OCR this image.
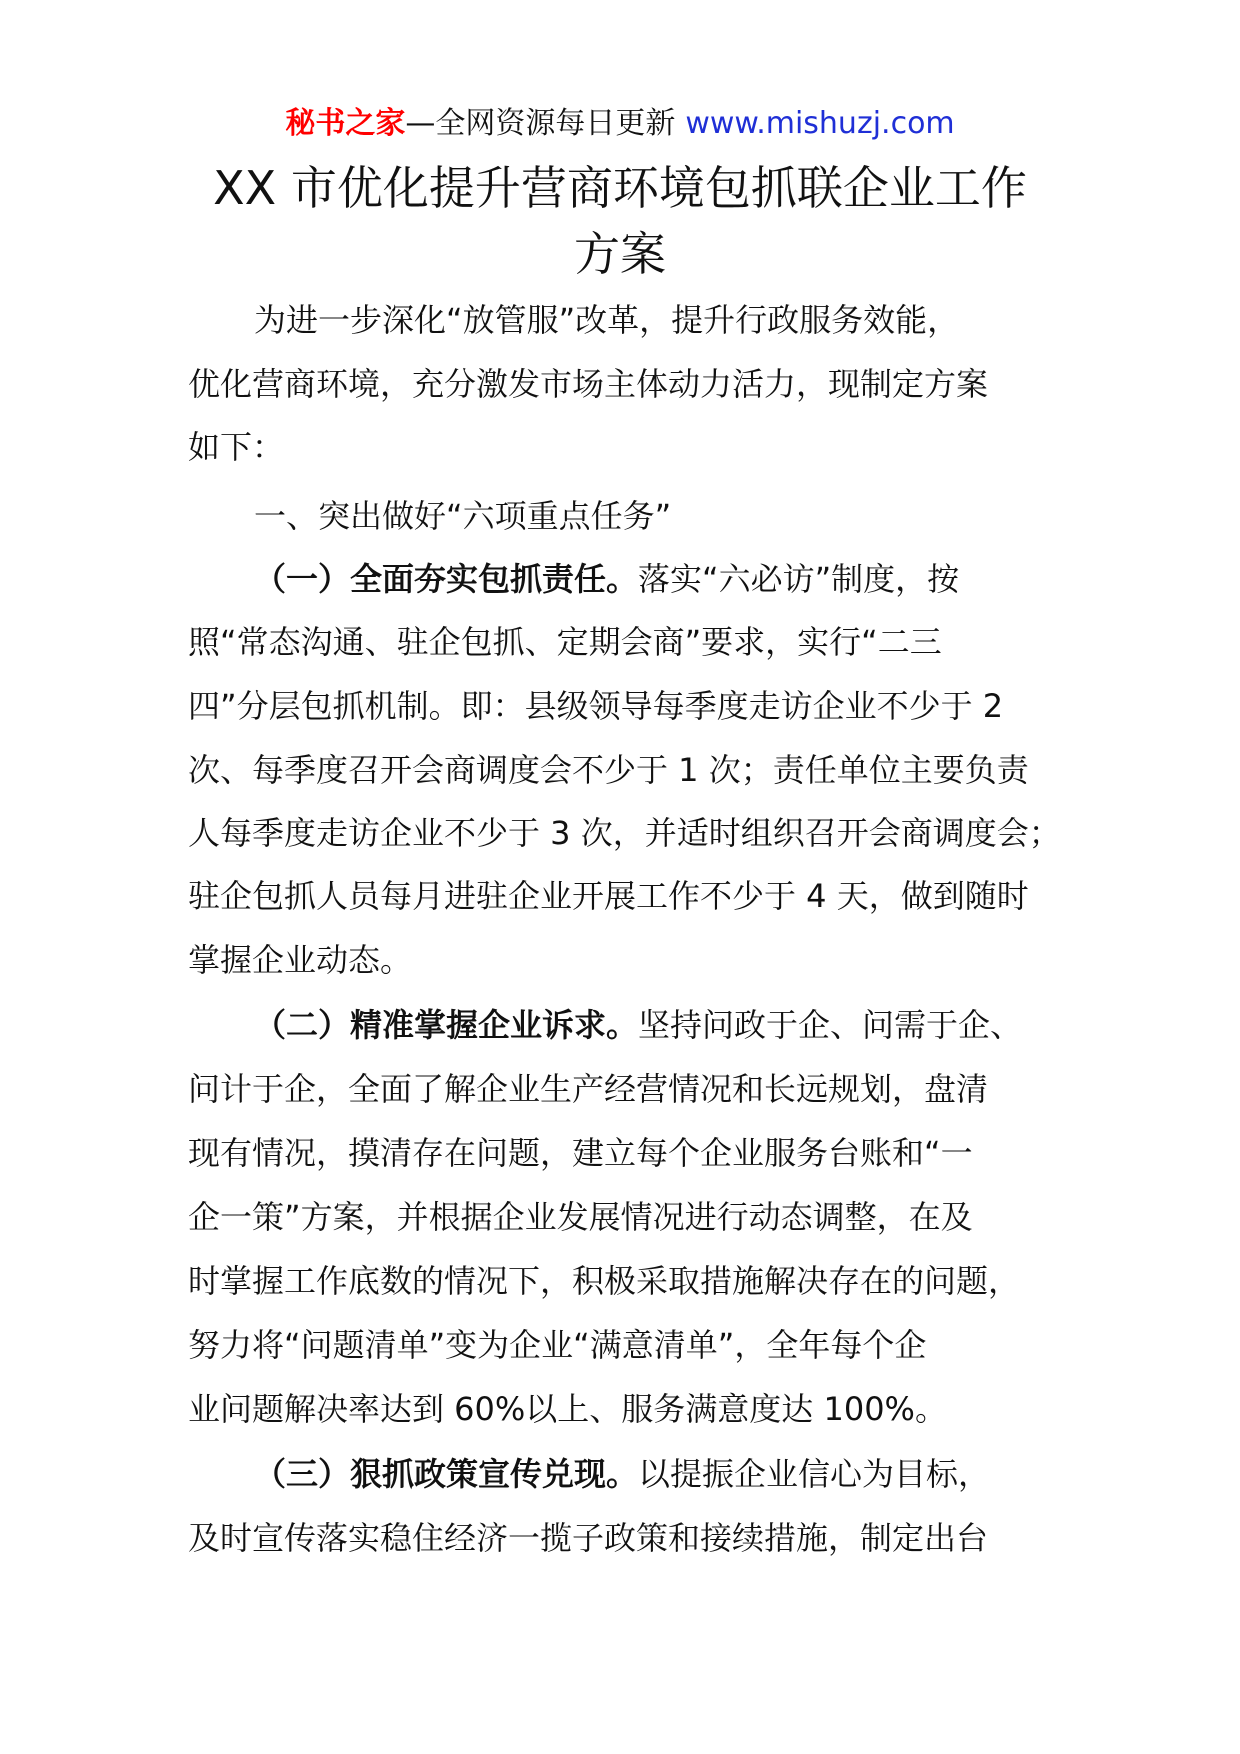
秘书之家—全网资源每日更新 www.mishuzj.com
XX 市优化提升营商环境包抓联企业工作
方案
为进一步深化“放管服”改革，提升行政服务效能，
优化营商环境，充分激发市场主体动力活力，现制定方案
如下：
一、突出做好“六项重点任务”
（一）全面夯实包抓责任。落实“六必访”制度，按
照“常态沟通、驻企包抓、定期会商”要求，实行“二三
四”分层包抓机制。即：县级领导每季度走访企业不少于 2
次、每季度召开会商调度会不少于 1 次；责任单位主要负责
人每季度走访企业不少于 3 次，并适时组织召开会商调度会；
驻企包抓人员每月进驻企业开展工作不少于 4 天，做到随时
掌握企业动态。
（二）精准掌握企业诉求。坚持问政于企、问需于企、
问计于企，全面了解企业生产经营情况和长远规划，盘清
现有情况，摸清存在问题，建立每个企业服务台账和“一
企一策”方案，并根据企业发展情况进行动态调整，在及
时掌握工作底数的情况下，积极采取措施解决存在的问题，
努力将“问题清单”变为企业“满意清单”，全年每个企
业问题解决率达到 60%以上、服务满意度达 100%。
（三）狠抓政策宣传兑现。以提振企业信心为目标，
及时宣传落实稳住经济一揽子政策和接续措施，制定出台
